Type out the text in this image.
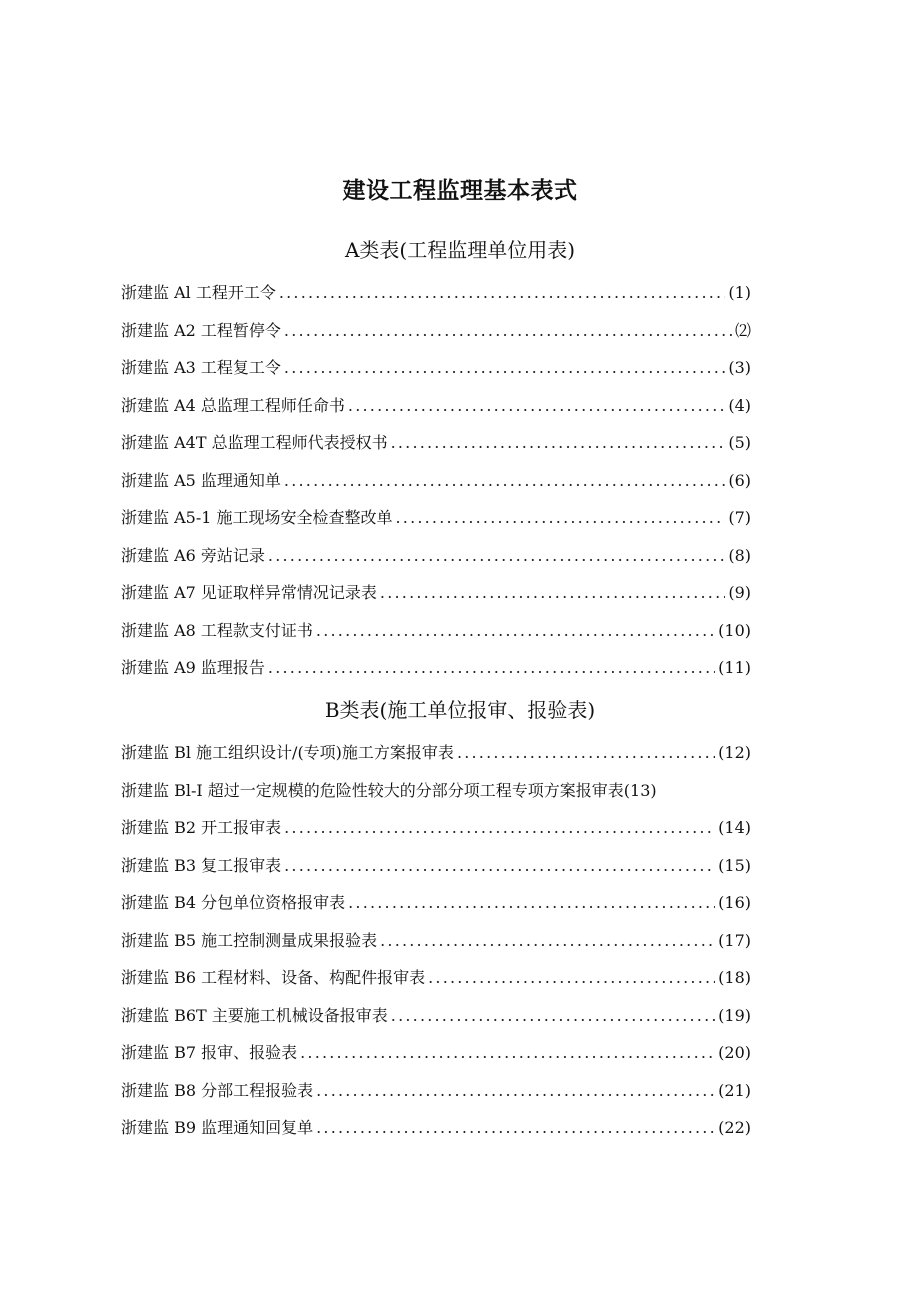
建设工程监理基本表式
A类表(工程监理单位用表)
浙建监 Al 工程开工令 .....	(1)
浙建监 A2 工程暂停令 .....	⑵
浙建监 A3 工程复工令 .....	(3)
浙建监 A4 总监理工程师任命书 .....	(4)
浙建监 A4T 总监理工程师代表授权书 .....	(5)
浙建监 A5 监理通知单 .....	(6)
浙建监 A5-1 施工现场安全检查整改单 .....	(7)
浙建监 A6 旁站记录 .....	(8)
浙建监 A7 见证取样异常情况记录表 .....	(9)
浙建监 A8 工程款支付证书 .....	(10)
浙建监 A9 监理报告 .....	(11)
B类表(施工单位报审、报验表)
浙建监 Bl 施工组织设计/(专项)施工方案报审表 .....	(12)
浙建监 Bl-I 超过一定规模的危险性较大的分部分项工程专项方案报审表(13)
浙建监 B2 开工报审表 .....	(14)
浙建监 B3 复工报审表 .....	(15)
浙建监 B4 分包单位资格报审表 .....	(16)
浙建监 B5 施工控制测量成果报验表 .....	(17)
浙建监 B6 工程材料、设备、构配件报审表 .....	(18)
浙建监 B6T 主要施工机械设备报审表 .....	(19)
浙建监 B7 报审、报验表 .....	(20)
浙建监 B8 分部工程报验表 .....	(21)
浙建监 B9 监理通知回复单 .....	(22)
